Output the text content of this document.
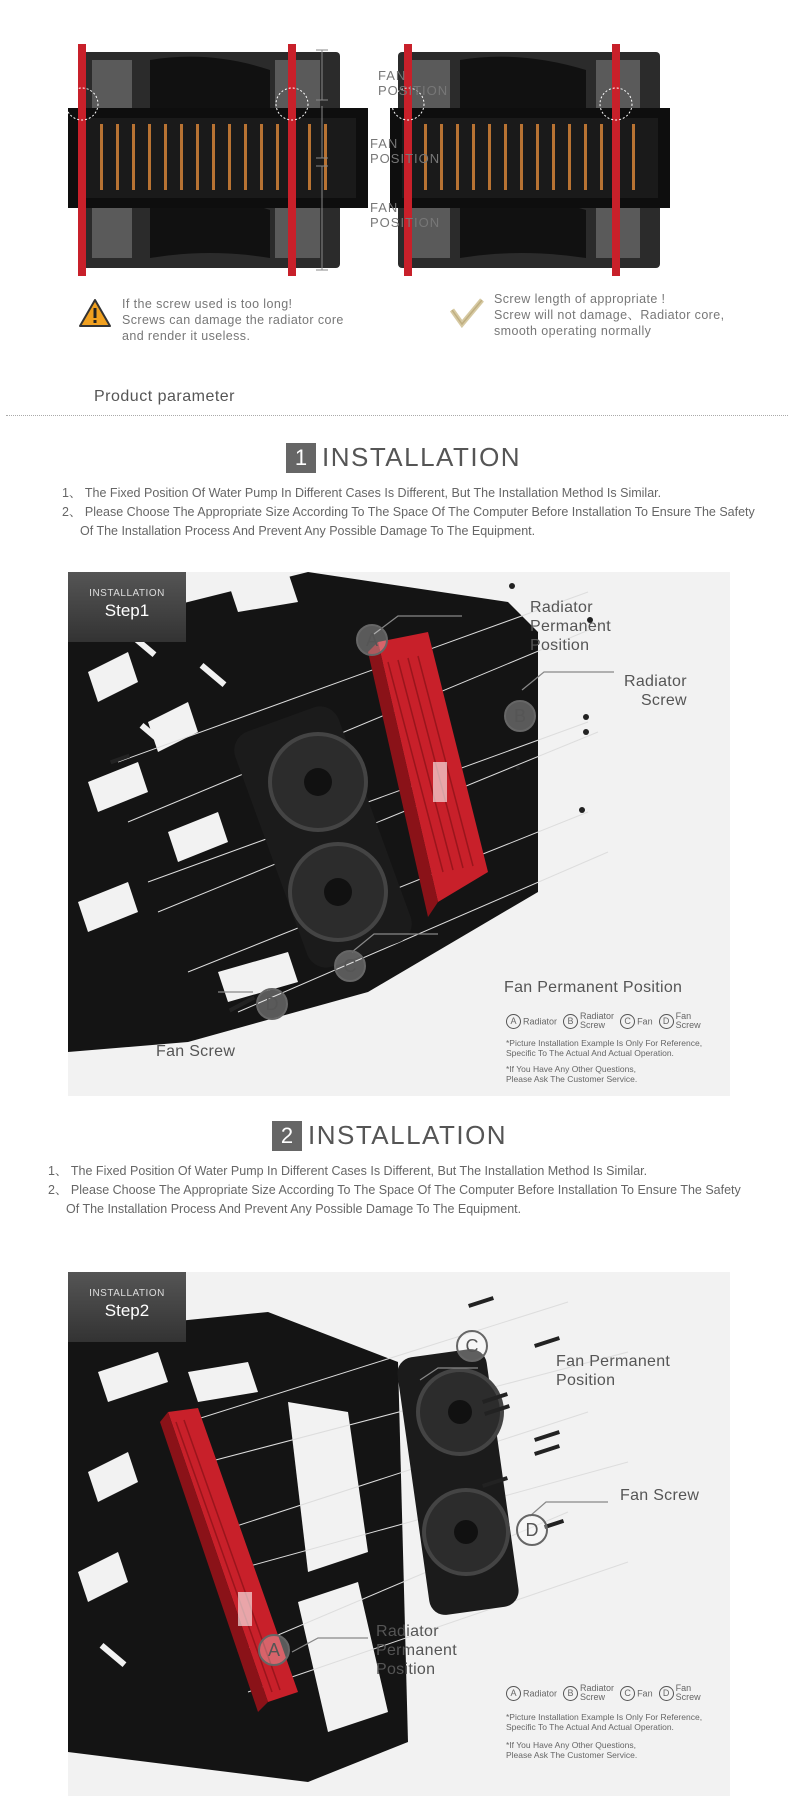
FAN
POSITION
FAN
POSITION
FAN
POSITION
If the screw used is too long!
Screws can damage the radiator core
and render it useless.
Screw length of appropriate !
Screw will not damage、Radiator core,
smooth operating normally
Product parameter
1 INSTALLATION
1、 The Fixed Position Of Water Pump In Different Cases Is Different, But The Installation Method Is Similar.
2、 Please Choose The Appropriate Size According To The Space Of The Computer Before Installation To Ensure The Safety
Of The Installation Process And Prevent Any Possible Damage To The Equipment.
INSTALLATION
Step1
A
B
C
D
Radiator
Permanent
Position
Radiator
Screw
Fan Permanent Position
Fan Screw
A Radiator	B Radiator
Screw	C Fan	D Fan
Screw
*Picture Installation Example Is Only For Reference,
Specific To The Actual And Actual Operation.
*If You Have Any Other Questions,
Please Ask The Customer Service.
2 INSTALLATION
1、 The Fixed Position Of Water Pump In Different Cases Is Different, But The Installation Method Is Similar.
2、 Please Choose The Appropriate Size According To The Space Of The Computer Before Installation To Ensure The Safety
Of The Installation Process And Prevent Any Possible Damage To The Equipment.
INSTALLATION
Step2
C
D
A
Fan Permanent
Position
Fan Screw
Radiator
Permanent
Position
A Radiator	B Radiator
Screw	C Fan	D Fan
Screw
*Picture Installation Example Is Only For Reference,
Specific To The Actual And Actual Operation.
*If You Have Any Other Questions,
Please Ask The Customer Service.
